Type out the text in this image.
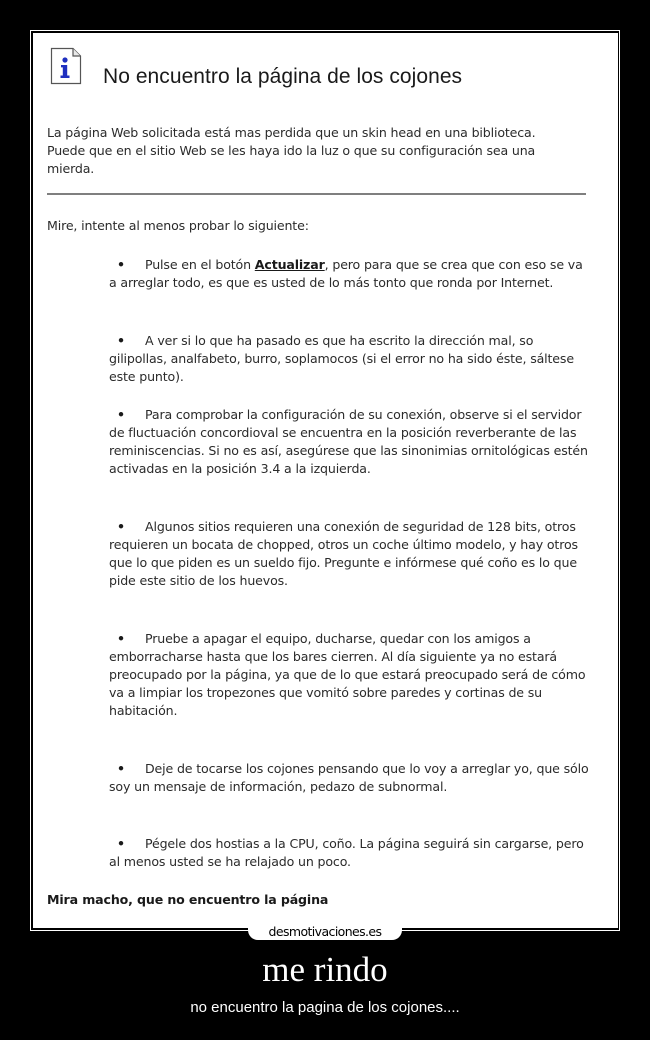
No encuentro la página de los cojones
La página Web solicitada está mas perdida que un skin head en una biblioteca. Puede que en el sitio Web se les haya ido la luz o que su configuración sea una mierda.
Mire, intente al menos probar lo siguiente:
• Pulse en el botón Actualizar, pero para que se crea que con eso se va a arreglar todo, es que es usted de lo más tonto que ronda por Internet.
• A ver si lo que ha pasado es que ha escrito la dirección mal, so gilipollas, analfabeto, burro, soplamocos (si el error no ha sido éste, sáltese este punto).
• Para comprobar la configuración de su conexión, observe si el servidor de fluctuación concordioval se encuentra en la posición reverberante de las reminiscencias. Si no es así, asegúrese que las sinonimias ornitológicas estén activadas en la posición 3.4 a la izquierda.
• Algunos sitios requieren una conexión de seguridad de 128 bits, otros requieren un bocata de chopped, otros un coche último modelo, y hay otros que lo que piden es un sueldo fijo. Pregunte e infórmese qué coño es lo que pide este sitio de los huevos.
• Pruebe a apagar el equipo, ducharse, quedar con los amigos a emborracharse hasta que los bares cierren. Al día siguiente ya no estará preocupado por la página, ya que de lo que estará preocupado será de cómo va a limpiar los tropezones que vomitó sobre paredes y cortinas de su habitación.
• Deje de tocarse los cojones pensando que lo voy a arreglar yo, que sólo soy un mensaje de información, pedazo de subnormal.
• Pégele dos hostias a la CPU, coño. La página seguirá sin cargarse, pero al menos usted se ha relajado un poco.
Mira macho, que no encuentro la página
desmotivaciones.es
me rindo
no encuentro la pagina de los cojones....
